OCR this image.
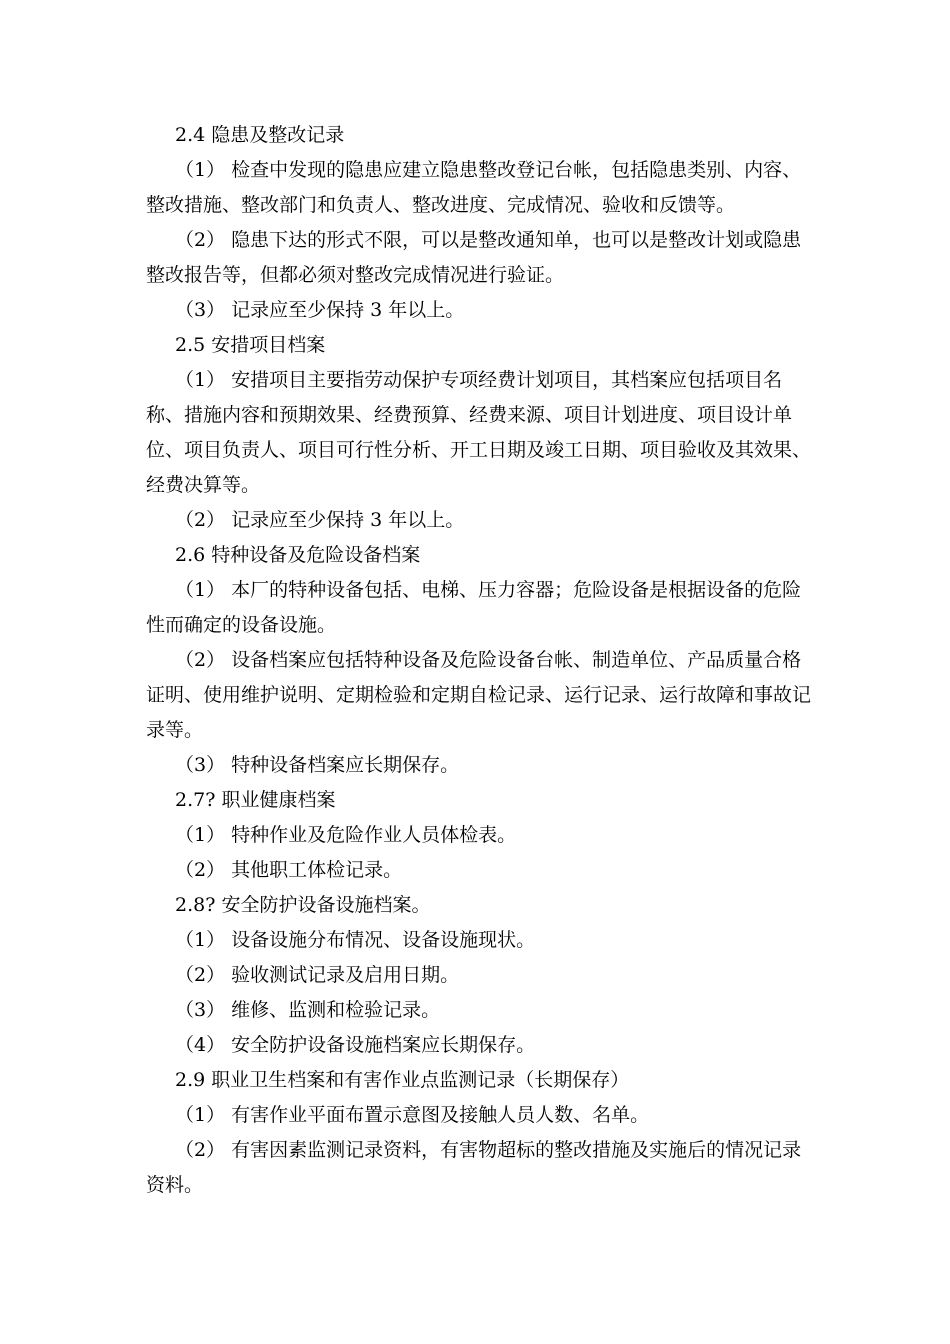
2.4 隐患及整改记录

（1） 检查中发现的隐患应建立隐患整改登记台帐，包括隐患类别、内容、整改措施、整改部门和负责人、整改进度、完成情况、验收和反馈等。

（2） 隐患下达的形式不限，可以是整改通知单，也可以是整改计划或隐患整改报告等，但都必须对整改完成情况进行验证。

（3） 记录应至少保持 3 年以上。

2.5 安措项目档案

（1） 安措项目主要指劳动保护专项经费计划项目，其档案应包括项目名称、措施内容和预期效果、经费预算、经费来源、项目计划进度、项目设计单位、项目负责人、项目可行性分析、开工日期及竣工日期、项目验收及其效果、经费决算等。

（2） 记录应至少保持 3 年以上。

2.6 特种设备及危险设备档案

（1） 本厂的特种设备包括、电梯、压力容器；危险设备是根据设备的危险性而确定的设备设施。

（2） 设备档案应包括特种设备及危险设备台帐、制造单位、产品质量合格证明、使用维护说明、定期检验和定期自检记录、运行记录、运行故障和事故记录等。

（3） 特种设备档案应长期保存。

2.7? 职业健康档案

（1） 特种作业及危险作业人员体检表。

（2） 其他职工体检记录。

2.8? 安全防护设备设施档案。

（1） 设备设施分布情况、设备设施现状。

（2） 验收测试记录及启用日期。

（3） 维修、监测和检验记录。

（4） 安全防护设备设施档案应长期保存。

2.9 职业卫生档案和有害作业点监测记录（长期保存）

（1） 有害作业平面布置示意图及接触人员人数、名单。

（2） 有害因素监测记录资料，有害物超标的整改措施及实施后的情况记录资料。
